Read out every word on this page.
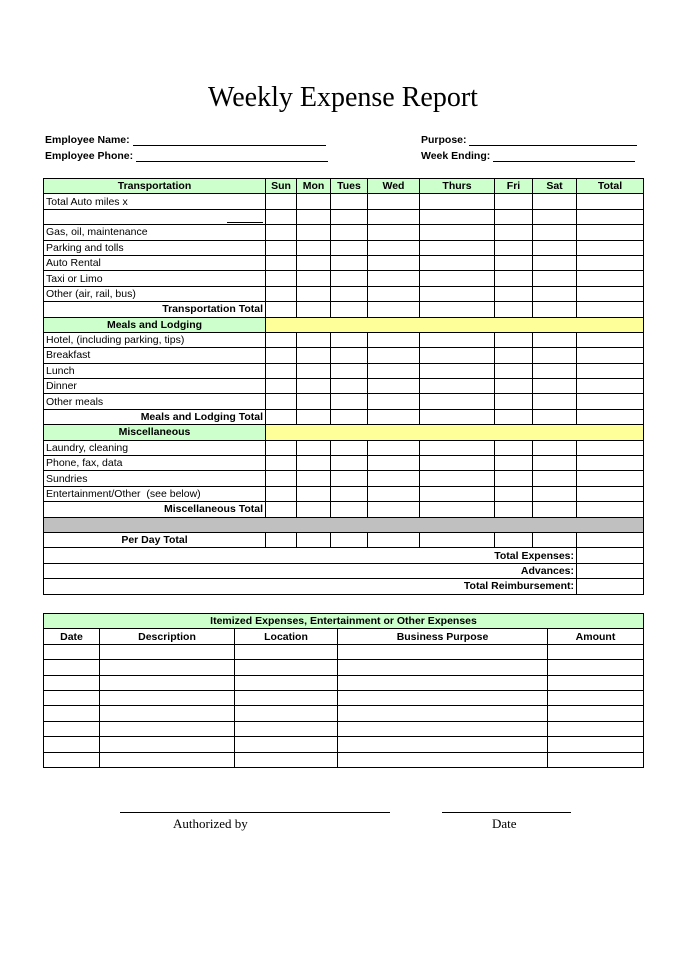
Weekly Expense Report
Employee Name:
Employee Phone:
Purpose:
Week Ending:
Transportation	Sun	Mon	Tues	Wed	Thurs	Fri	Sat	Total
Total Auto miles x								

Gas, oil, maintenance								
Parking and tolls								
Auto Rental								
Taxi or Limo								
Other (air, rail, bus)								
Transportation Total								
Meals and Lodging								
Hotel, (including parking, tips)								
Breakfast								
Lunch								
Dinner								
Other meals								
Meals and Lodging Total								
Miscellaneous								
Laundry, cleaning								
Phone, fax, data								
Sundries								
Entertainment/Other  (see below)								
Miscellaneous Total								

Per Day Total								
Total Expenses:								
Advances:								
Total Reimbursement:								
Itemized Expenses, Entertainment or Other Expenses				
Date	Description	Location	Business Purpose	Amount

Authorized by	Date
